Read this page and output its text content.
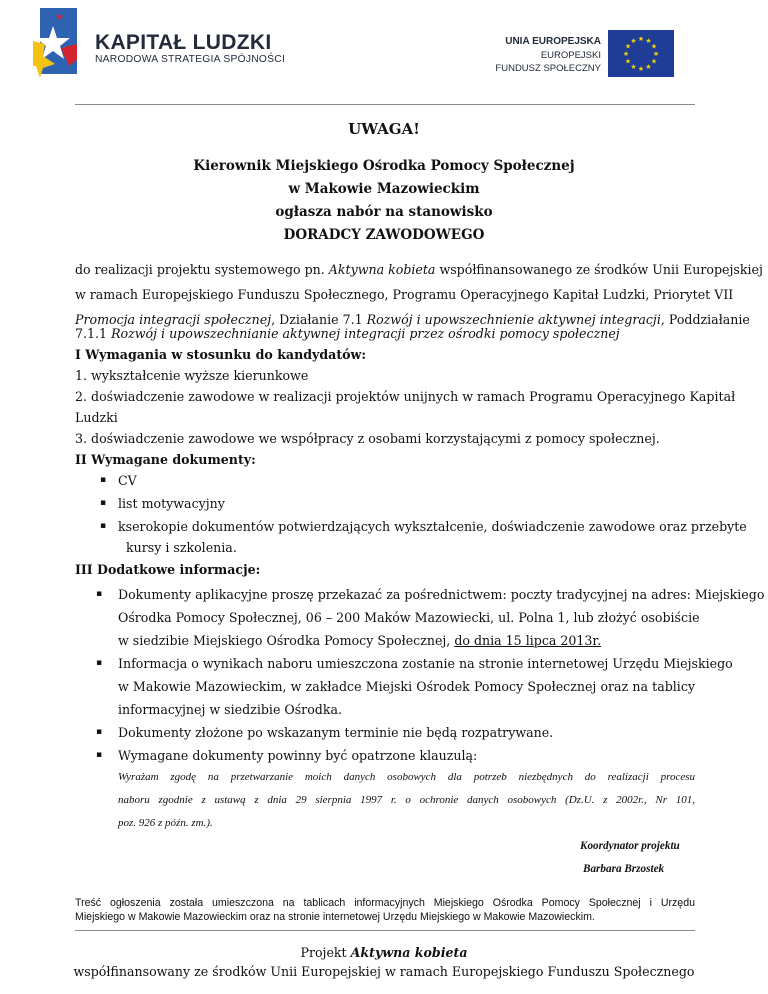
KAPITAŁ LUDZKI
NARODOWA STRATEGIA SPÓJNOŚCI
UNIA EUROPEJSKA
EUROPEJSKI
FUNDUSZ SPOŁECZNY
★ ★
★
★
★
★
★
★
★
★
★
★
UWAGA!
Kierownik Miejskiego Ośrodka Pomocy Społecznej
w Makowie Mazowieckim
ogłasza nabór na stanowisko
DORADCY ZAWODOWEGO
do realizacji projektu systemowego pn. Aktywna kobieta współfinansowanego ze środków Unii Europejskiej
w ramach Europejskiego Funduszu Społecznego, Programu Operacyjnego Kapitał Ludzki, Priorytet VII
Promocja integracji społecznej, Działanie 7.1 Rozwój i upowszechnienie aktywnej integracji, Poddziałanie
7.1.1 Rozwój i upowszechnianie aktywnej integracji przez ośrodki pomocy społecznej
I Wymagania w stosunku do kandydatów:
1. wykształcenie wyższe kierunkowe
2. doświadczenie zawodowe w realizacji projektów unijnych w ramach Programu Operacyjnego Kapitał
Ludzki
3. doświadczenie zawodowe we współpracy z osobami korzystającymi z pomocy społecznej.
II Wymagane dokumenty:
▪ CV
▪ list motywacyjny
▪ kserokopie dokumentów potwierdzających wykształcenie, doświadczenie zawodowe oraz przebyte
kursy i szkolenia.
III Dodatkowe informacje:
▪ Dokumenty aplikacyjne proszę przekazać za pośrednictwem: poczty tradycyjnej na adres: Miejskiego
Ośrodka Pomocy Społecznej, 06 – 200 Maków Mazowiecki, ul. Polna 1, lub złożyć osobiście
w siedzibie Miejskiego Ośrodka Pomocy Społecznej, do dnia 15 lipca 2013r.
▪ Informacja o wynikach naboru umieszczona zostanie na stronie internetowej Urzędu Miejskiego
w Makowie Mazowieckim, w zakładce Miejski Ośrodek Pomocy Społecznej oraz na tablicy
informacyjnej w siedzibie Ośrodka.
▪ Dokumenty złożone po wskazanym terminie nie będą rozpatrywane.
▪ Wymagane dokumenty powinny być opatrzone klauzulą:
Wyrażam zgodę na przetwarzanie moich danych osobowych dla potrzeb niezbędnych do realizacji procesu
naboru zgodnie z ustawą z dnia 29 sierpnia 1997 r. o ochronie danych osobowych (Dz.U. z 2002r., Nr 101,
poz. 926 z późn. zm.).
Koordynator projektu
Barbara Brzostek
Treść ogłoszenia została umieszczona na tablicach informacyjnych Miejskiego Ośrodka Pomocy Społecznej i Urzędu
Miejskiego w Makowie Mazowieckim oraz na stronie internetowej Urzędu Miejskiego w Makowie Mazowieckim.
Projekt Aktywna kobieta
współfinansowany ze środków Unii Europejskiej w ramach Europejskiego Funduszu Społecznego
